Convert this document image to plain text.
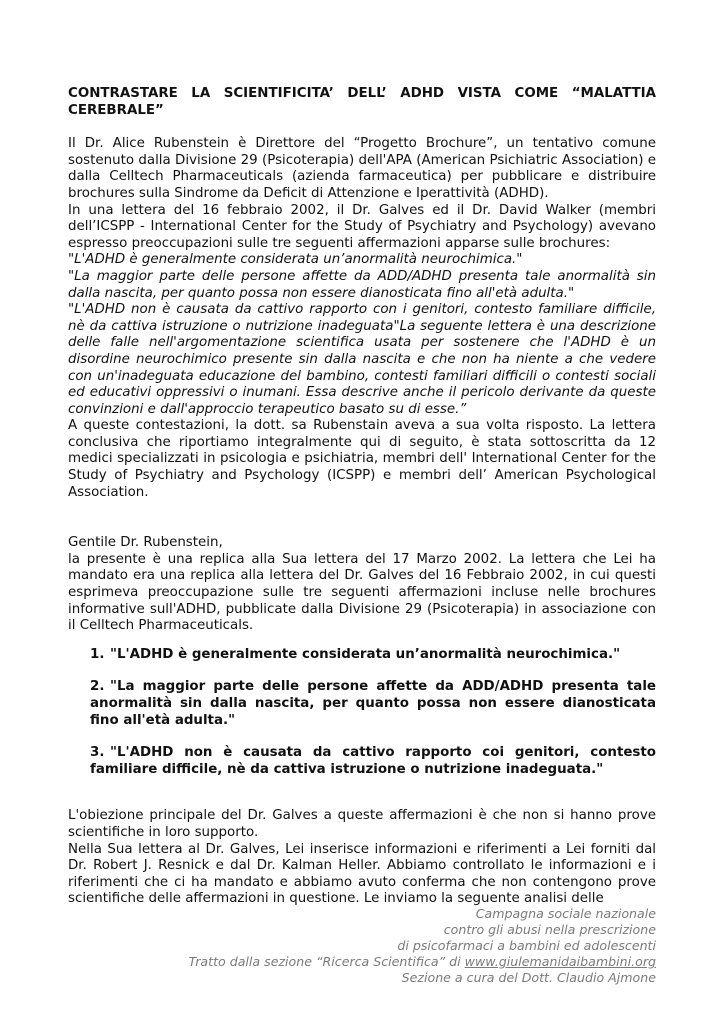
CONTRASTARE LA SCIENTIFICITA’ DELL’ ADHD VISTA COME “MALATTIA CEREBRALE”

Il Dr. Alice Rubenstein è Direttore del “Progetto Brochure”, un tentativo comune sostenuto dalla Divisione 29 (Psicoterapia) dell'APA (American Psichiatric Association) e dalla Celltech Pharmaceuticals (azienda farmaceutica) per pubblicare e distribuire brochures sulla Sindrome da Deficit di Attenzione e Iperattività (ADHD).

In una lettera del 16 febbraio 2002, il Dr. Galves ed il Dr. David Walker (membri dell’ICSPP - International Center for the Study of Psychiatry and Psychology) avevano espresso preoccupazioni sulle tre seguenti affermazioni apparse sulle brochures:

"L'ADHD è generalmente considerata un’anormalità neurochimica."

"La maggior parte delle persone affette da ADD/ADHD presenta tale anormalità sin dalla nascita, per quanto possa non essere dianosticata fino all'età adulta."

"L'ADHD non è causata da cattivo rapporto con i genitori, contesto familiare difficile, nè da cattiva istruzione o nutrizione inadeguata"La seguente lettera è una descrizione delle falle nell'argomentazione scientifica usata per sostenere che l'ADHD è un disordine neurochimico presente sin dalla nascita e che non ha niente a che vedere con un'inadeguata educazione del bambino, contesti familiari difficili o contesti sociali ed educativi oppressivi o inumani. Essa descrive anche il pericolo derivante da queste convinzioni e dall'approccio terapeutico basato su di esse.”

A queste contestazioni, la dott. sa Rubenstain aveva a sua volta risposto. La lettera conclusiva che riportiamo integralmente qui di seguito, è stata sottoscritta da 12 medici specializzati in psicologia e psichiatria, membri dell' International Center for the Study of Psychiatry and Psychology (ICSPP) e membri dell’ American Psychological Association.

Gentile Dr. Rubenstein,

la presente è una replica alla Sua lettera del 17 Marzo 2002. La lettera che Lei ha mandato era una replica alla lettera del Dr. Galves del 16 Febbraio 2002, in cui questi esprimeva preoccupazione sulle tre seguenti affermazioni incluse nelle brochures informative sull'ADHD, pubblicate dalla Divisione 29 (Psicoterapia) in associazione con il Celltech Pharmaceuticals.

1. "L'ADHD è generalmente considerata un’anormalità neurochimica."
2. "La maggior parte delle persone affette da ADD/ADHD presenta tale anormalità sin dalla nascita, per quanto possa non essere dianosticata fino all'età adulta."
3. "L'ADHD non è causata da cattivo rapporto coi genitori, contesto familiare difficile, nè da cattiva istruzione o nutrizione inadeguata."

L'obiezione principale del Dr. Galves a queste affermazioni è che non si hanno prove scientifiche in loro supporto.

Nella Sua lettera al Dr. Galves, Lei inserisce informazioni e riferimenti a Lei forniti dal Dr. Robert J. Resnick e dal Dr. Kalman Heller. Abbiamo controllato le informazioni e i riferimenti che ci ha mandato e abbiamo avuto conferma che non contengono prove scientifiche delle affermazioni in questione. Le inviamo la seguente analisi delle

Campagna sociale nazionale
contro gli abusi nella prescrizione
di psicofarmaci a bambini ed adolescenti
Tratto dalla sezione “Ricerca Scientifica” di www.giulemanidaibambini.org
Sezione a cura del Dott. Claudio Ajmone
